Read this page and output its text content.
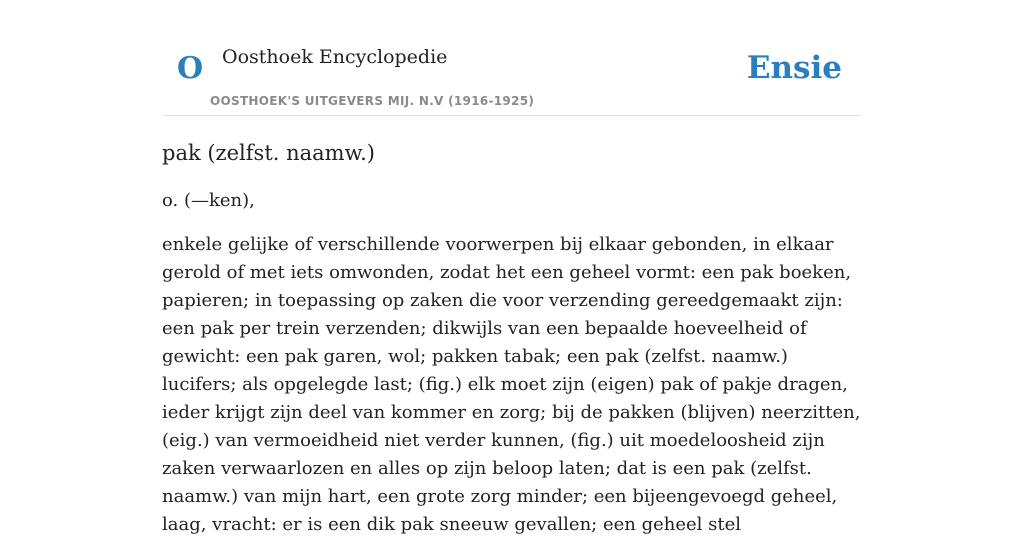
O Oosthoek Encyclopedie
OOSTHOEK'S UITGEVERS MIJ. N.V (1916-1925)
Ensie
pak (zelfst. naamw.)

o. (—ken),

enkele gelijke of verschillende voorwerpen bij elkaar gebonden, in elkaar gerold of met iets omwonden, zodat het een geheel vormt: een pak boeken, papieren; in toepassing op zaken die voor verzending gereedgemaakt zijn: een pak per trein verzenden; dikwijls van een bepaalde hoeveelheid of gewicht: een pak garen, wol; pakken tabak; een pak (zelfst. naamw.) lucifers; als opgelegde last; (fig.) elk moet zijn (eigen) pak of pakje dragen, ieder krijgt zijn deel van kommer en zorg; bij de pakken (blijven) neerzitten, (eig.) van vermoeidheid niet verder kunnen, (fig.) uit moedeloosheid zijn zaken verwaarlozen en alles op zijn beloop laten; dat is een pak (zelfst. naamw.) van mijn hart, een grote zorg minder; een bijeengevoegd geheel, laag, vracht: er is een dik pak sneeuw gevallen; een geheel stel
